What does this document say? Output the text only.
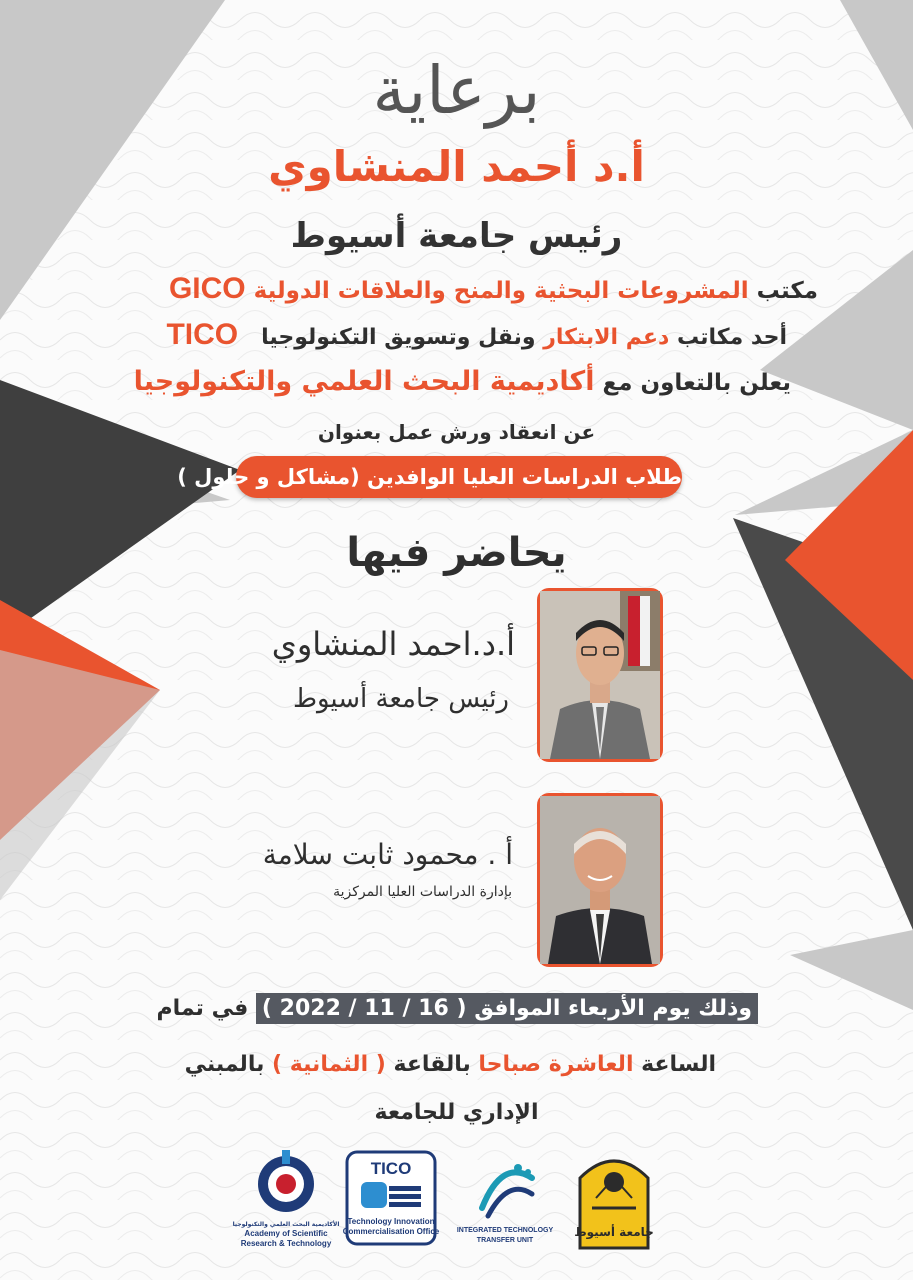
برعاية
أ.د أحمد المنشاوي
رئيس جامعة أسيوط
مكتب المشروعات البحثية والمنح والعلاقات الدولية GICO
أحد مكاتب دعم الابتكار ونقل وتسويق التكنولوجيا   TICO
يعلن بالتعاون مع أكاديمية البحث العلمي والتكنولوجيا
عن انعقاد ورش عمل بعنوان
طلاب الدراسات العليا الوافدين (مشاكل و حلول )
يحاضر فيها
أ.د.احمد المنشاوي
رئيس جامعة أسيوط
أ . محمود ثابت سلامة
بإدارة الدراسات العليا المركزية
وذلك يوم الأربعاء الموافق ( 16 / 11 / 2022 ) في تمام
الساعة العاشرة صباحا بالقاعة ( الثمانية ) بالمبني
الإداري للجامعة
الأكاديمية البحث العلمي والتكنولوجيا
Academy of Scientific
Research & Technology
TICO
Technology Innovation
Commercialisation Office	INTEGRATED TECHNOLOGY
TRANSFER UNIT
جامعة أسيوط
